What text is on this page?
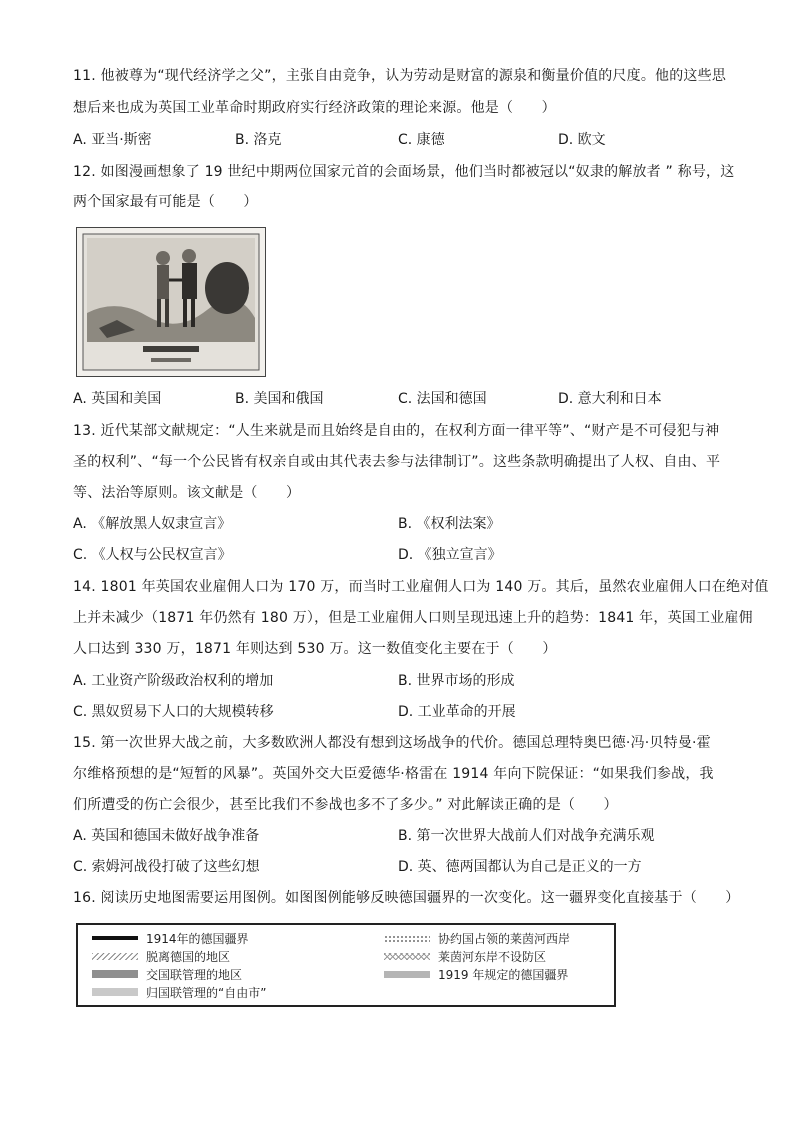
11. 他被尊为“现代经济学之父”，主张自由竞争，认为劳动是财富的源泉和衡量价值的尺度。他的这些思
想后来也成为英国工业革命时期政府实行经济政策的理论来源。他是（　　）
A. 亚当·斯密	B. 洛克	C. 康德	D. 欧文
12. 如图漫画想象了 19 世纪中期两位国家元首的会面场景，他们当时都被冠以“奴隶的解放者 ” 称号，这
两个国家最有可能是（　　）
A. 英国和美国	B. 美国和俄国	C. 法国和德国	D. 意大利和日本
13. 近代某部文献规定：“人生来就是而且始终是自由的，在权利方面一律平等”、“财产是不可侵犯与神
圣的权利”、“每一个公民皆有权亲自或由其代表去参与法律制订”。这些条款明确提出了人权、自由、平
等、法治等原则。该文献是（　　）
A. 《解放黑人奴隶宣言》	B. 《权利法案》
C. 《人权与公民权宣言》	D. 《独立宣言》
14. 1801 年英国农业雇佣人口为 170 万，而当时工业雇佣人口为 140 万。其后，虽然农业雇佣人口在绝对值
上并未减少（1871 年仍然有 180 万），但是工业雇佣人口则呈现迅速上升的趋势：1841 年，英国工业雇佣
人口达到 330 万，1871 年则达到 530 万。这一数值变化主要在于（　　）
A. 工业资产阶级政治权利的增加	B. 世界市场的形成
C. 黑奴贸易下人口的大规模转移	D. 工业革命的开展
15. 第一次世界大战之前，大多数欧洲人都没有想到这场战争的代价。德国总理特奥巴德·冯·贝特曼·霍
尔维格预想的是“短暂的风暴”。英国外交大臣爱德华·格雷在 1914 年向下院保证：“如果我们参战，我
们所遭受的伤亡会很少，甚至比我们不参战也多不了多少。” 对此解读正确的是（　　）
A. 英国和德国未做好战争准备	B. 第一次世界大战前人们对战争充满乐观
C. 索姆河战役打破了这些幻想	D. 英、德两国都认为自己是正义的一方
16. 阅读历史地图需要运用图例。如图图例能够反映德国疆界的一次变化。这一疆界变化直接基于（　　）
1914年的德国疆界
脱离德国的地区
交国联管理的地区
归国联管理的“自由市”
协约国占领的莱茵河西岸
莱茵河东岸不设防区
1919 年规定的德国疆界
